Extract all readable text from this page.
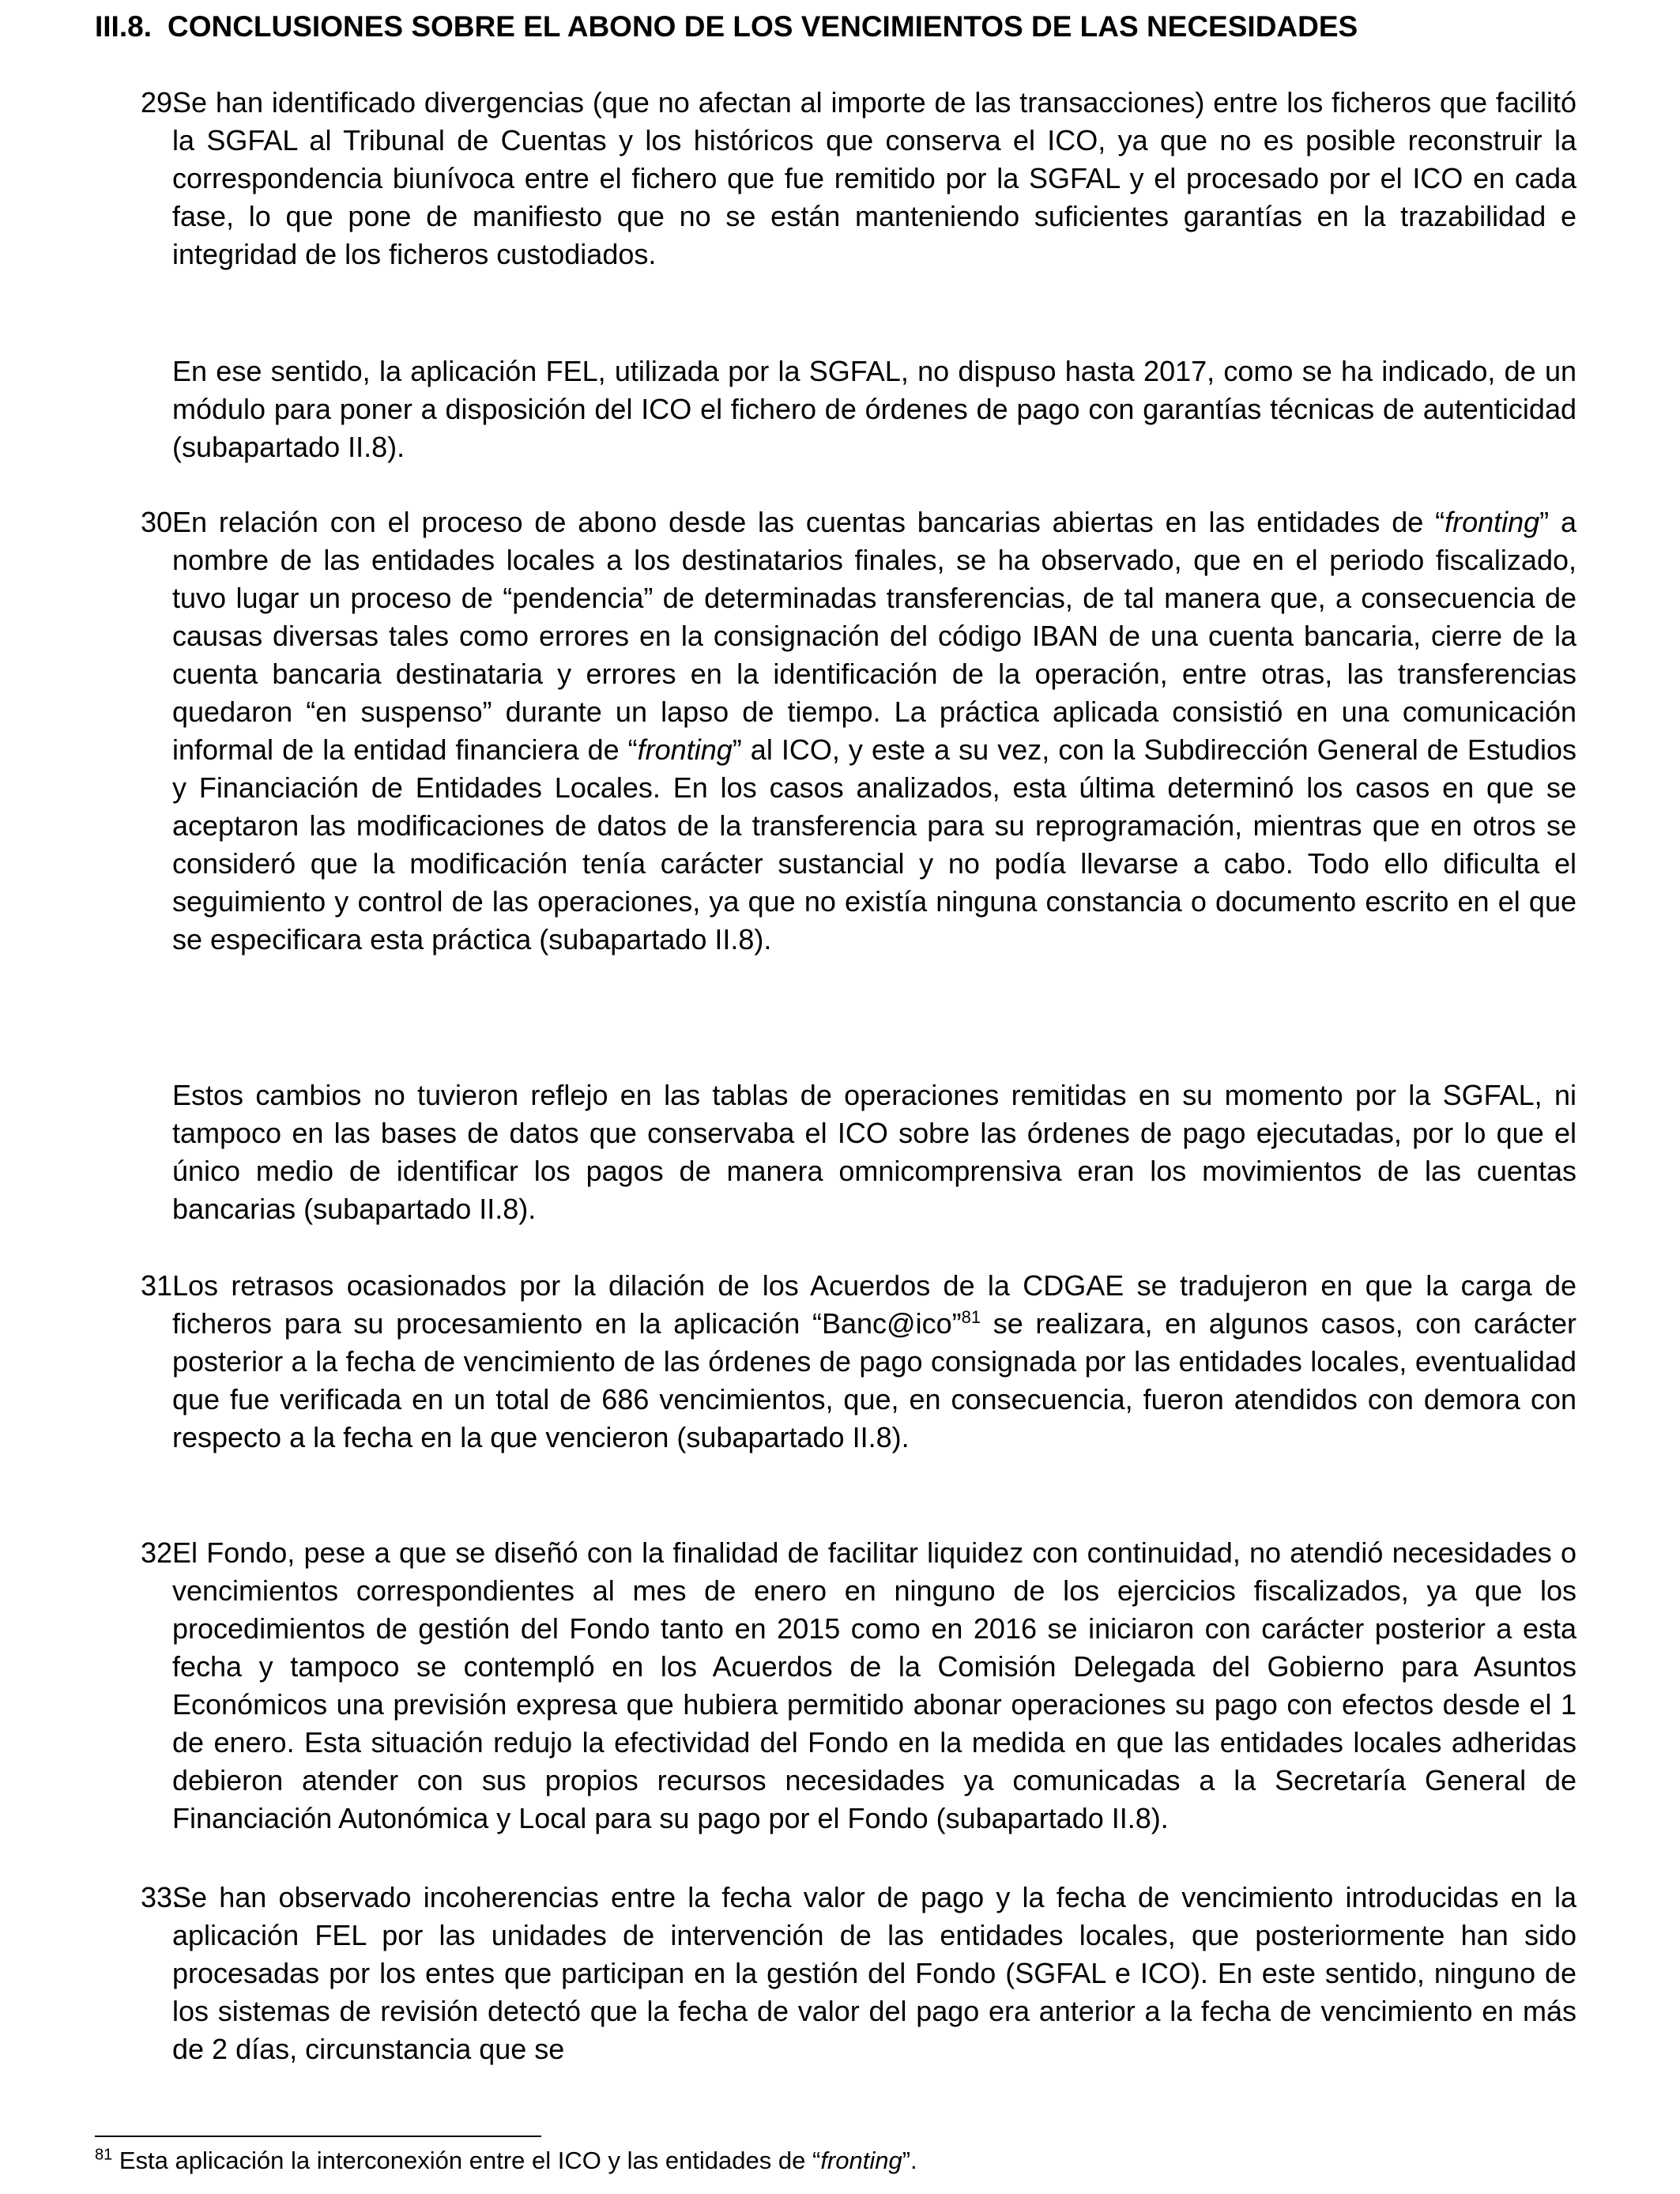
III.8. CONCLUSIONES SOBRE EL ABONO DE LOS VENCIMIENTOS DE LAS NECESIDADES
29.
Se han identificado divergencias (que no afectan al importe de las transacciones) entre los ficheros que facilitó la SGFAL al Tribunal de Cuentas y los históricos que conserva el ICO, ya que no es posible reconstruir la correspondencia biunívoca entre el fichero que fue remitido por la SGFAL y el procesado por el ICO en cada fase, lo que pone de manifiesto que no se están manteniendo suficientes garantías en la trazabilidad e integridad de los ficheros custodiados.
En ese sentido, la aplicación FEL, utilizada por la SGFAL, no dispuso hasta 2017, como se ha indicado, de un módulo para poner a disposición del ICO el fichero de órdenes de pago con garantías técnicas de autenticidad (subapartado II.8).
30.
En relación con el proceso de abono desde las cuentas bancarias abiertas en las entidades de “fronting” a nombre de las entidades locales a los destinatarios finales, se ha observado, que en el periodo fiscalizado, tuvo lugar un proceso de “pendencia” de determinadas transferencias, de tal manera que, a consecuencia de causas diversas tales como errores en la consignación del código IBAN de una cuenta bancaria, cierre de la cuenta bancaria destinataria y errores en la identificación de la operación, entre otras, las transferencias quedaron “en suspenso” durante un lapso de tiempo. La práctica aplicada consistió en una comunicación informal de la entidad financiera de “fronting” al ICO, y este a su vez, con la Subdirección General de Estudios y Financiación de Entidades Locales. En los casos analizados, esta última determinó los casos en que se aceptaron las modificaciones de datos de la transferencia para su reprogramación, mientras que en otros se consideró que la modificación tenía carácter sustancial y no podía llevarse a cabo. Todo ello dificulta el seguimiento y control de las operaciones, ya que no existía ninguna constancia o documento escrito en el que se especificara esta práctica (subapartado II.8).
Estos cambios no tuvieron reflejo en las tablas de operaciones remitidas en su momento por la SGFAL, ni tampoco en las bases de datos que conservaba el ICO sobre las órdenes de pago ejecutadas, por lo que el único medio de identificar los pagos de manera omnicomprensiva eran los movimientos de las cuentas bancarias (subapartado II.8).
31.
Los retrasos ocasionados por la dilación de los Acuerdos de la CDGAE se tradujeron en que la carga de ficheros para su procesamiento en la aplicación “Banc@ico”$^{81}$ se realizara, en algunos casos, con carácter posterior a la fecha de vencimiento de las órdenes de pago consignada por las entidades locales, eventualidad que fue verificada en un total de 686 vencimientos, que, en consecuencia, fueron atendidos con demora con respecto a la fecha en la que vencieron (subapartado II.8).
32.
El Fondo, pese a que se diseñó con la finalidad de facilitar liquidez con continuidad, no atendió necesidades o vencimientos correspondientes al mes de enero en ninguno de los ejercicios fiscalizados, ya que los procedimientos de gestión del Fondo tanto en 2015 como en 2016 se iniciaron con carácter posterior a esta fecha y tampoco se contempló en los Acuerdos de la Comisión Delegada del Gobierno para Asuntos Económicos una previsión expresa que hubiera permitido abonar operaciones su pago con efectos desde el 1 de enero. Esta situación redujo la efectividad del Fondo en la medida en que las entidades locales adheridas debieron atender con sus propios recursos necesidades ya comunicadas a la Secretaría General de Financiación Autonómica y Local para su pago por el Fondo (subapartado II.8).
33.
Se han observado incoherencias entre la fecha valor de pago y la fecha de vencimiento introducidas en la aplicación FEL por las unidades de intervención de las entidades locales, que posteriormente han sido procesadas por los entes que participan en la gestión del Fondo (SGFAL e ICO). En este sentido, ninguno de los sistemas de revisión detectó que la fecha de valor del pago era anterior a la fecha de vencimiento en más de 2 días, circunstancia que se
$^{81}$ Esta aplicación la interconexión entre el ICO y las entidades de “fronting”.
